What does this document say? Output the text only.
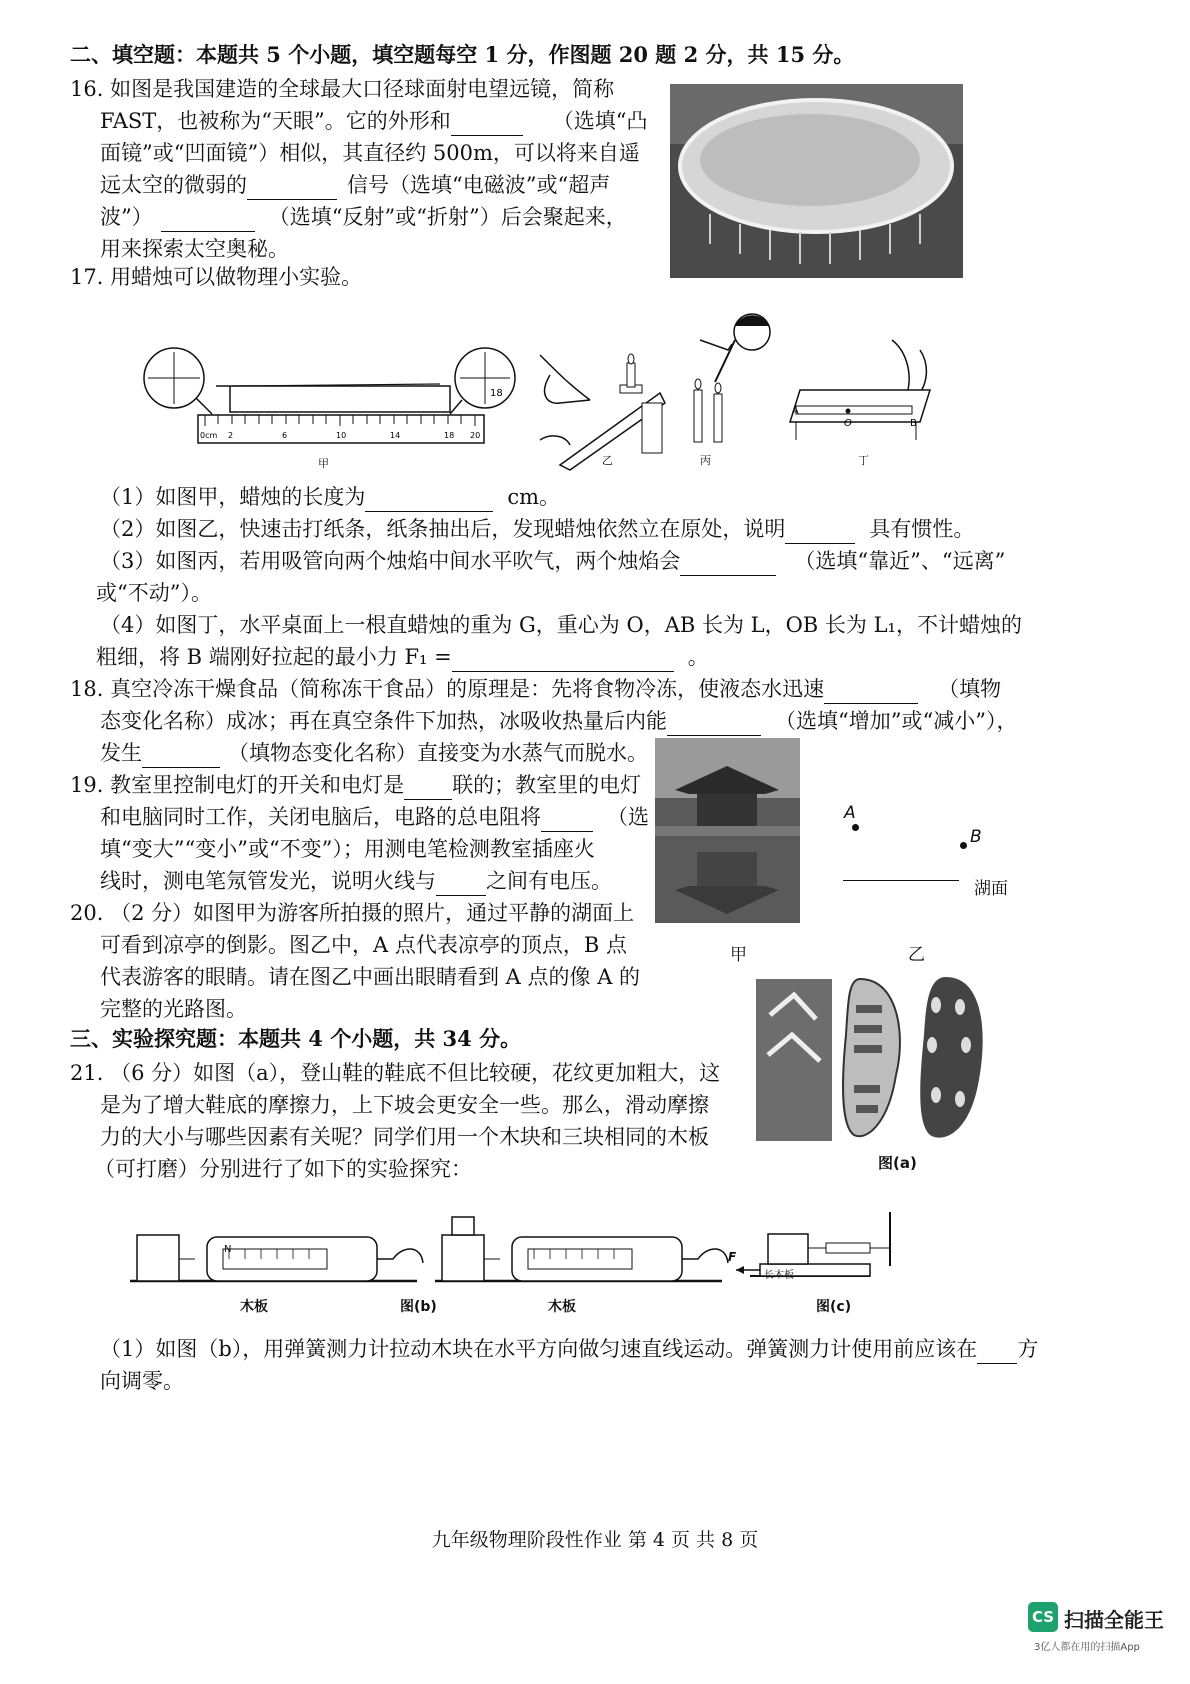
二、填空题：本题共 5 个小题，填空题每空 1 分，作图题 20 题 2 分，共 15 分。
16. 如图是我国建造的全球最大口径球面射电望远镜，简称
FAST，也被称为“天眼”。它的外形和	（选填“凸
面镜”或“凹面镜”）相似，其直径约 500m，可以将来自遥
远太空的微弱的	信号（选填“电磁波”或“超声
波”）	（选填“反射”或“折射”）后会聚起来，
用来探索太空奥秘。
17. 用蜡烛可以做物理小实验。
0cm 2	6	10	14	18 20
18
甲	乙	丙
A
O	B
丁
（1）如图甲，蜡烛的长度为	cm。
（2）如图乙，快速击打纸条，纸条抽出后，发现蜡烛依然立在原处，说明	具有惯性。
（3）如图丙，若用吸管向两个烛焰中间水平吹气，两个烛焰会	（选填“靠近”、“远离”
或“不动”）。
（4）如图丁，水平桌面上一根直蜡烛的重为 G，重心为 O，AB 长为 L，OB 长为 L₁，不计蜡烛的
粗细，将 B 端刚好拉起的最小力 F₁ =	。
18. 真空冷冻干燥食品（简称冻干食品）的原理是：先将食物冷冻，使液态水迅速	（填物
态变化名称）成冰；再在真空条件下加热，冰吸收热量后内能	（选填“增加”或“减小”），
发生	（填物态变化名称）直接变为水蒸气而脱水。
19. 教室里控制电灯的开关和电灯是 联的；教室里的电灯
和电脑同时工作，关闭电脑后，电路的总电阻将	（选
填“变大”“变小”或“不变”）；用测电笔检测教室插座火
线时，测电笔氖管发光，说明火线与 之间有电压。
20. （2 分）如图甲为游客所拍摄的照片，通过平静的湖面上
可看到凉亭的倒影。图乙中，A 点代表凉亭的顶点，B 点
代表游客的眼睛。请在图乙中画出眼睛看到 A 点的像 A 的
完整的光路图。
甲
A
B
湖面
乙
三、实验探究题：本题共 4 个小题，共 34 分。
21. （6 分）如图（a），登山鞋的鞋底不但比较硬，花纹更加粗大，这
是为了增大鞋底的摩擦力，上下坡会更安全一些。那么，滑动摩擦
力的大小与哪些因素有关呢？同学们用一个木块和三块相同的木板
（可打磨）分别进行了如下的实验探究：	图(a)
N
木板	图(b)	木板
F
长木板
图(c)
（1）如图（b），用弹簧测力计拉动木块在水平方向做匀速直线运动。弹簧测力计使用前应该在 方
向调零。
九年级物理阶段性作业 第 4 页 共 8 页
CS 扫描全能王
3亿人都在用的扫描App
